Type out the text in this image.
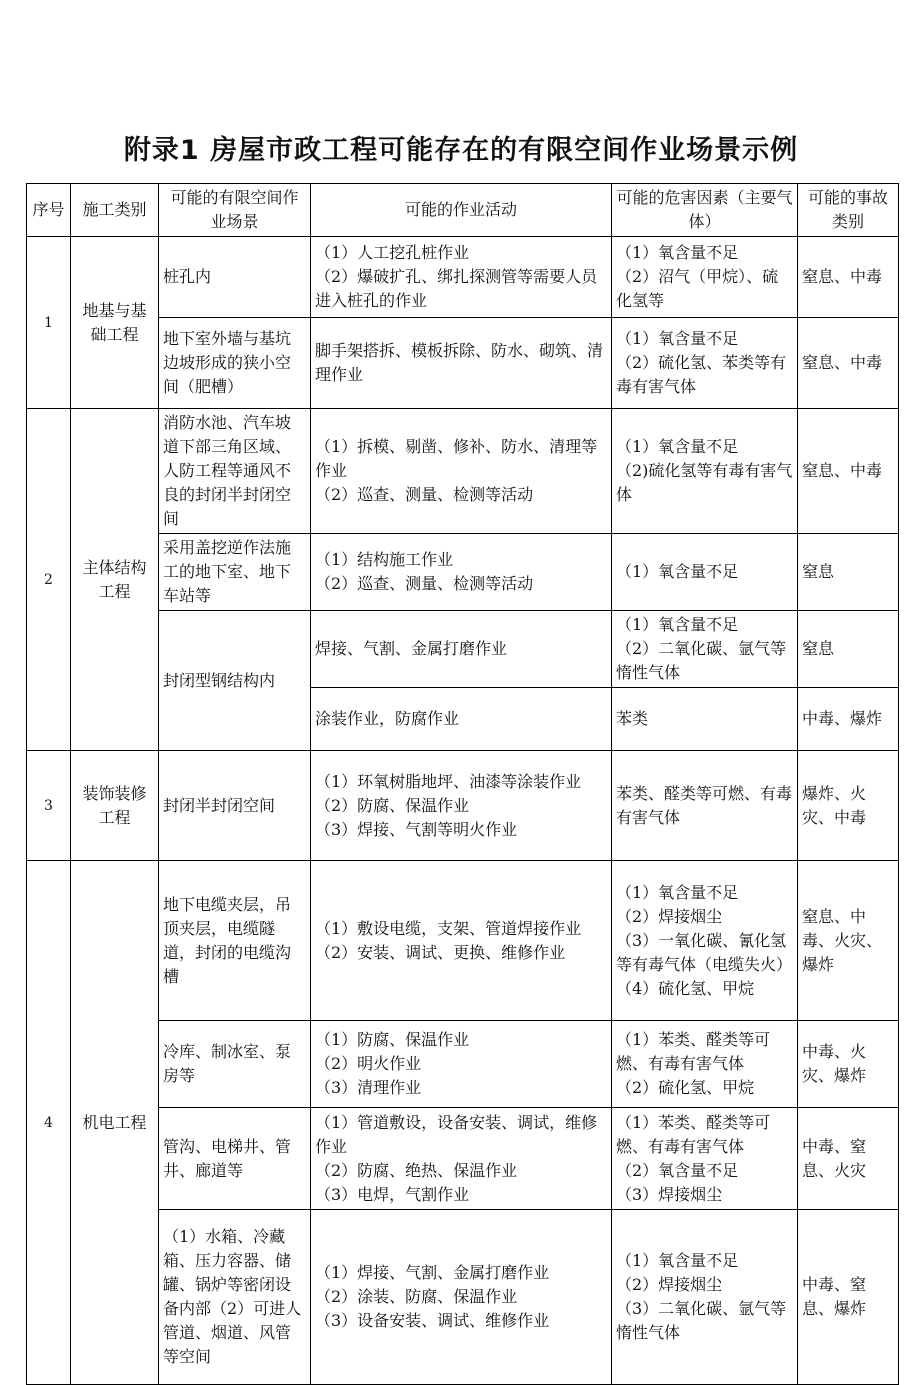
附录1 房屋市政工程可能存在的有限空间作业场景示例
序号	施工类别	可能的有限空间作业场景	可能的作业活动	可能的危害因素（主要气体）	可能的事故类别
1	地基与基础工程	桩孔内	（1）人工挖孔桩作业
（2）爆破扩孔、绑扎探测管等需要人员进入桩孔的作业	（1）氧含量不足
（2）沼气（甲烷）、硫化氢等	窒息、中毒
		地下室外墙与基坑边坡形成的狭小空间（肥槽）	脚手架搭拆、模板拆除、防水、砌筑、清理作业	（1）氧含量不足
（2）硫化氢、苯类等有毒有害气体	窒息、中毒
2	主体结构工程	消防水池、汽车坡道下部三角区域、人防工程等通风不良的封闭半封闭空间	（1）拆模、剔凿、修补、防水、清理等作业
（2）巡查、测量、检测等活动	（1）氧含量不足
（2)硫化氢等有毒有害气体	窒息、中毒
		采用盖挖逆作法施工的地下室、地下车站等	（1）结构施工作业
（2）巡查、测量、检测等活动	（1）氧含量不足	窒息
		封闭型钢结构内	焊接、气割、金属打磨作业	（1）氧含量不足
（2）二氧化碳、氩气等惰性气体	窒息

			涂装作业，防腐作业	苯类	中毒、爆炸
3	装饰装修工程	封闭半封闭空间	（1）环氧树脂地坪、油漆等涂装作业
（2）防腐、保温作业
（3）焊接、气割等明火作业	苯类、醛类等可燃、有毒有害气体	爆炸、火灾、中毒
4	机电工程	地下电缆夹层，吊顶夹层，电缆隧道，封闭的电缆沟槽	（1）敷设电缆，支架、管道焊接作业
（2）安装、调试、更换、维修作业	（1）氧含量不足
（2）焊接烟尘
（3）一氧化碳、氰化氢等有毒气体（电缆失火）
（4）硫化氢、甲烷	窒息、中毒、火灾、爆炸
		冷库、制冰室、泵房等	（1）防腐、保温作业
（2）明火作业
（3）清理作业	（1）苯类、醛类等可燃、有毒有害气体
（2）硫化氢、甲烷	中毒、火灾、爆炸
		管沟、电梯井、管井、廊道等	（1）管道敷设，设备安装、调试，维修作业
（2）防腐、绝热、保温作业
（3）电焊，气割作业	（1）苯类、醛类等可燃、有毒有害气体
（2）氧含量不足
（3）焊接烟尘	中毒、窒息、火灾
		（1）水箱、冷藏箱、压力容器、储罐、锅炉等密闭设备内部（2）可进人管道、烟道、风管等空间	（1）焊接、气割、金属打磨作业
（2）涂装、防腐、保温作业
（3）设备安装、调试、维修作业	（1）氧含量不足
（2）焊接烟尘
（3）二氧化碳、氩气等惰性气体	中毒、窒息、爆炸
